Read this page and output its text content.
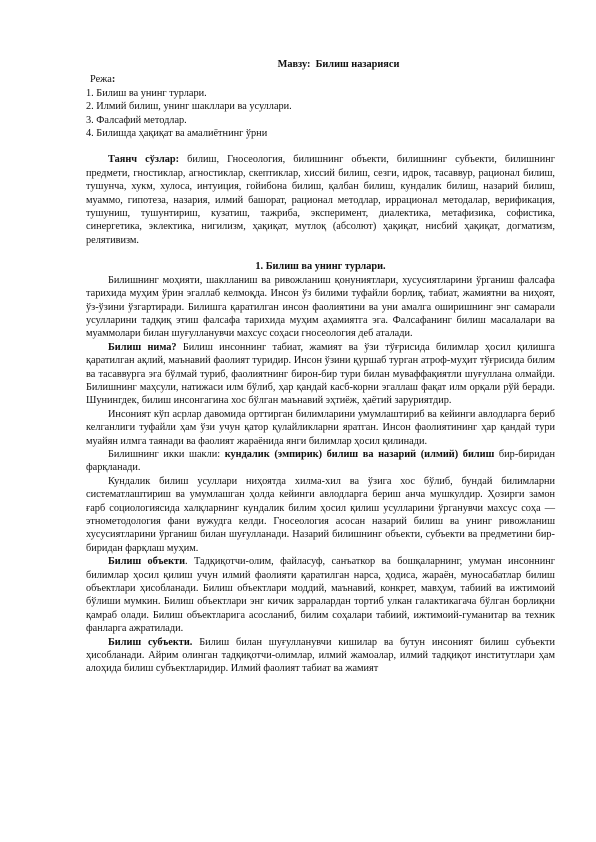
Мавзу: Билиш назарияси
Режа:
1. Билиш ва унинг турлари.
2. Илмий билиш, унинг шакллари ва усуллари.
3. Фалсафий методлар.
4. Билишда ҳақиқат ва амалиётнинг ўрни

Таянч сўзлар: билиш, Гносеология, билишнинг объекти, билишнинг субъекти, билишнинг предмети, гностиклар, агностиклар, скептиклар, хиссий билиш, сезги, идрок, тасаввур, рационал билиш, тушунча, хукм, хулоса, интуиция, гойибона билиш, қалбан билиш, кундалик билиш, назарий билиш, муаммо, гипотеза, назария, илмий башорат, рационал методлар, иррационал методалар, верификация, тушуниш, тушунтириш, кузатиш, тажриба, эксперимент, диалектика, метафизика, софистика, синергетика, эклектика, нигилизм, ҳақиқат, мутлоқ (абсолют) ҳақиқат, нисбий ҳақиқат, догматизм, релятивизм.

1. Билиш ва унинг турлари.

Билишнинг моҳияти, шаклланиш ва ривожланиш қонуниятлари, хусусиятларини ўрганиш фалсафа тарихида муҳим ўрин эгаллаб келмоқда. Инсон ўз билими туфайли борлиқ, табиат, жамиятни ва ниҳоят, ўз-ўзини ўзгартиради. Билишга қаратилган инсон фаолиятини ва уни амалга оширишнинг энг самарали усулларини тадқиқ этиш фалсафа тарихида муҳим аҳамиятга эга. Фалсафанинг билиш масалалари ва муаммолари билан шуғулланувчи махсус соҳаси гносеология деб аталади.

Билиш нима? Билиш инсоннинг табиат, жамият ва ўзи тўғрисида билимлар ҳосил қилишга қаратилган ақлий, маънавий фаолият туридир. Инсон ўзини қуршаб турган атроф-муҳит тўғрисида билим ва тасаввурга эга бўлмай туриб, фаолиятнинг бирон-бир тури билан муваффақиятли шуғуллана олмайди. Билишнинг маҳсули, натижаси илм бўлиб, ҳар қандай касб-корни эгаллаш фақат илм орқали рўй беради. Шунингдек, билиш инсонгагина хос бўлган маънавий эҳтиёж, ҳаётий заруриятдир.

Инсоният кўп асрлар давомида орттирган билимларини умумлаштириб ва кейинги авлодларга бериб келганлиги туфайли ҳам ўзи учун қатор қулайликларни яратган. Инсон фаолиятининг ҳар қандай тури муайян илмга таянади ва фаолият жараёнида янги билимлар ҳосил қилинади.

Билишнинг икки шакли: кундалик (эмпирик) билиш ва назарий (илмий) билиш бир-биридан фарқланади.

Кундалик билиш усуллари ниҳоятда хилма-хил ва ўзига хос бўлиб, бундай билимларни систематлаштириш ва умумлашган ҳолда кейинги авлодларга бериш анча мушкулдир. Ҳозирги замон ғарб социологиясида халқларнинг кундалик билим ҳосил қилиш усулларини ўрганувчи махсус соҳа — этнометодология фани вужудга келди. Гносеология асосан назарий билиш ва унинг ривожланиш хусусиятларини ўрганиш билан шуғулланади. Назарий билишнинг объекти, субъекти ва предметини бир-биридан фарқлаш муҳим.

Билиш объекти. Тадқиқотчи-олим, файласуф, санъаткор ва бошқаларнинг, умуман инсоннинг билимлар ҳосил қилиш учун илмий фаолияти қаратилган нарса, ҳодиса, жараён, муносабатлар билиш объектлари ҳисобланади. Билиш объектлари моддий, маънавий, конкрет, мавҳум, табиий ва ижтимоий бўлиши мумкин. Билиш объектлари энг кичик зарралардан тортиб улкан галактикагача бўлган борлиқни қамраб олади. Билиш объектларига асосланиб, билим соҳалари табиий, ижтимоий-гуманитар ва техник фанларга ажратилади.

Билиш субъекти. Билиш билан шуғулланувчи кишилар ва бутун инсоният билиш субъекти ҳисобланади. Айрим олинган тадқиқотчи-олимлар, илмий жамоалар, илмий тадқиқот институтлари ҳам алоҳида билиш субъектларидир. Илмий фаолият табиат ва жамият
